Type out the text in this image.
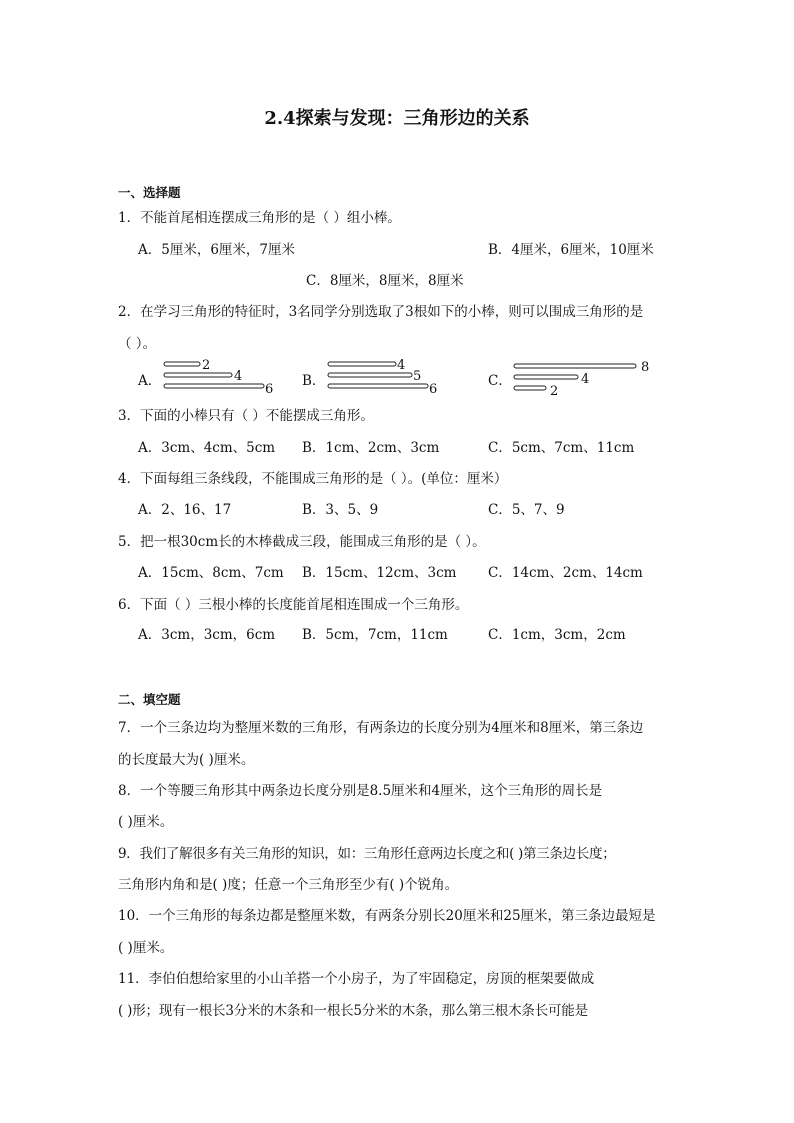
2.4探索与发现：三角形边的关系
一、选择题
1．不能首尾相连摆成三角形的是（ ）组小棒。
A．5厘米，6厘米，7厘米	B．4厘米，6厘米，10厘米
C．8厘米，8厘米，8厘米
2．在学习三角形的特征时，3名同学分别选取了3根如下的小棒，则可以围成三角形的是
（ ）。
A．
2
4
6
B．
4
5
6
C．
8
4
2
3．下面的小棒只有（ ）不能摆成三角形。
A．3cm、4cm、5cm B．1cm、2cm、3cm	C．5cm、7cm、11cm
4．下面每组三条线段，不能围成三角形的是（ ）。(单位：厘米）
A．2、16、17	B．3、5、9	C．5、7、9
5．把一根30cm长的木棒截成三段，能围成三角形的是（ ）。
A．15cm、8cm、7cm B．15cm、12cm、3cm C．14cm、2cm、14cm
6．下面（ ）三根小棒的长度能首尾相连围成一个三角形。
A．3cm，3cm，6cm B．5cm，7cm，11cm	C．1cm，3cm，2cm
二、填空题
7．一个三条边均为整厘米数的三角形，有两条边的长度分别为4厘米和8厘米，第三条边
的长度最大为( )厘米。
8．一个等腰三角形其中两条边长度分别是8.5厘米和4厘米，这个三角形的周长是
( )厘米。
9．我们了解很多有关三角形的知识，如：三角形任意两边长度之和( )第三条边长度；
三角形内角和是( )度；任意一个三角形至少有( )个锐角。
10．一个三角形的每条边都是整厘米数，有两条分别长20厘米和25厘米，第三条边最短是
( )厘米。
11．李伯伯想给家里的小山羊搭一个小房子，为了牢固稳定，房顶的框架要做成
( )形；现有一根长3分米的木条和一根长5分米的木条，那么第三根木条长可能是
